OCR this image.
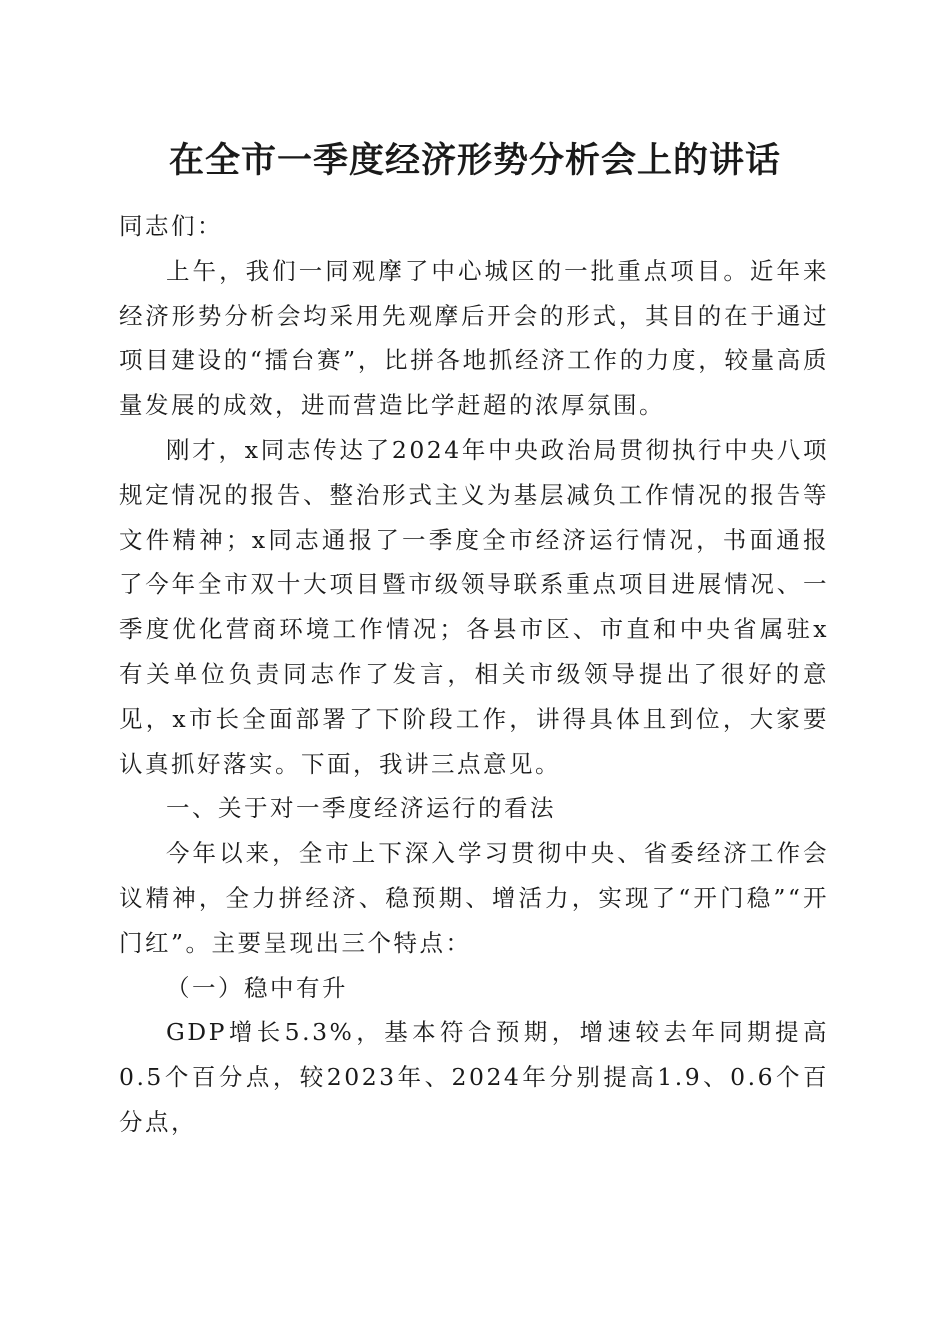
在全市一季度经济形势分析会上的讲话

同志们：

上午，我们一同观摩了中心城区的一批重点项目。近年来经济形势分析会均采用先观摩后开会的形式，其目的在于通过项目建设的“擂台赛”，比拼各地抓经济工作的力度，较量高质量发展的成效，进而营造比学赶超的浓厚氛围。

刚才，x同志传达了2024年中央政治局贯彻执行中央八项规定情况的报告、整治形式主义为基层减负工作情况的报告等文件精神；x同志通报了一季度全市经济运行情况，书面通报了今年全市双十大项目暨市级领导联系重点项目进展情况、一季度优化营商环境工作情况；各县市区、市直和中央省属驻x有关单位负责同志作了发言，相关市级领导提出了很好的意见，x市长全面部署了下阶段工作，讲得具体且到位，大家要认真抓好落实。下面，我讲三点意见。

一、关于对一季度经济运行的看法

今年以来，全市上下深入学习贯彻中央、省委经济工作会议精神，全力拼经济、稳预期、增活力，实现了“开门稳”“开门红”。主要呈现出三个特点：

（一）稳中有升

GDP增长5.3%，基本符合预期，增速较去年同期提高0.5个百分点，较2023年、2024年分别提高1.9、0.6个百分点，
